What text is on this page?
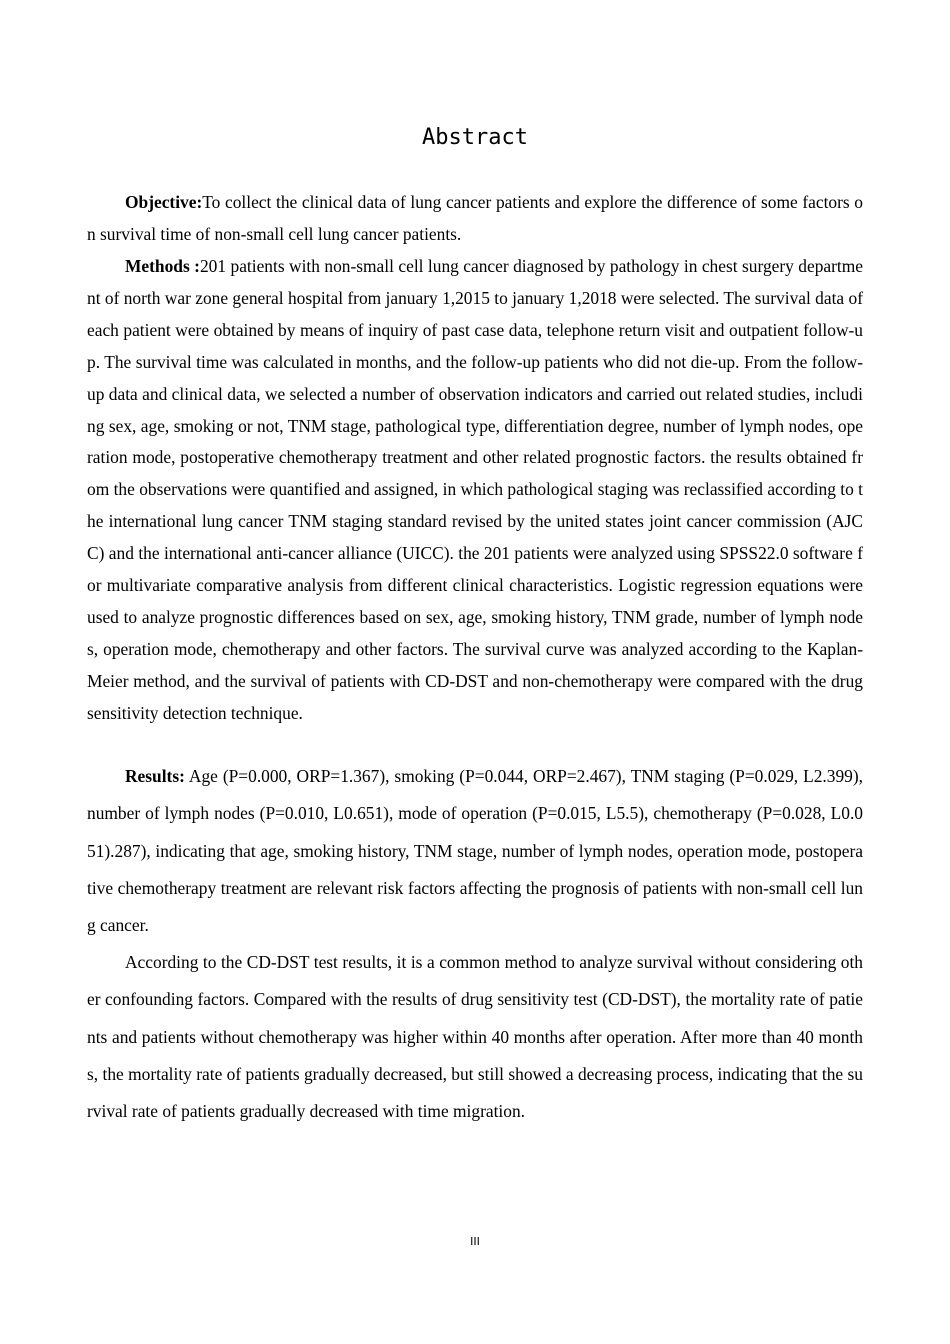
Abstract

Objective:To collect the clinical data of lung cancer patients and explore the difference of some factors on survival time of non-small cell lung cancer patients.

Methods :201 patients with non-small cell lung cancer diagnosed by pathology in chest surgery department of north war zone general hospital from january 1,2015 to january 1,2018 were selected. The survival data of each patient were obtained by means of inquiry of past case data, telephone return visit and outpatient follow-up. The survival time was calculated in months, and the follow-up patients who did not die-up. From the follow-up data and clinical data, we selected a number of observation indicators and carried out related studies, including sex, age, smoking or not, TNM stage, pathological type, differentiation degree, number of lymph nodes, operation mode, postoperative chemotherapy treatment and other related prognostic factors. the results obtained from the observations were quantified and assigned, in which pathological staging was reclassified according to the international lung cancer TNM staging standard revised by the united states joint cancer commission (AJCC) and the international anti-cancer alliance (UICC). the 201 patients were analyzed using SPSS22.0 software for multivariate comparative analysis from different clinical characteristics. Logistic regression equations were used to analyze prognostic differences based on sex, age, smoking history, TNM grade, number of lymph nodes, operation mode, chemotherapy and other factors. The survival curve was analyzed according to the Kaplan-Meier method, and the survival of patients with CD-DST and non-chemotherapy were compared with the drug sensitivity detection technique.

Results: Age (P=0.000, ORP=1.367), smoking (P=0.044, ORP=2.467), TNM staging (P=0.029, L2.399), number of lymph nodes (P=0.010, L0.651), mode of operation (P=0.015, L5.5), chemotherapy (P=0.028, L0.051).287), indicating that age, smoking history, TNM stage, number of lymph nodes, operation mode, postoperative chemotherapy treatment are relevant risk factors affecting the prognosis of patients with non-small cell lung cancer.

According to the CD-DST test results, it is a common method to analyze survival without considering other confounding factors. Compared with the results of drug sensitivity test (CD-DST), the mortality rate of patients and patients without chemotherapy was higher within 40 months after operation. After more than 40 months, the mortality rate of patients gradually decreased, but still showed a decreasing process, indicating that the survival rate of patients gradually decreased with time migration.

III
